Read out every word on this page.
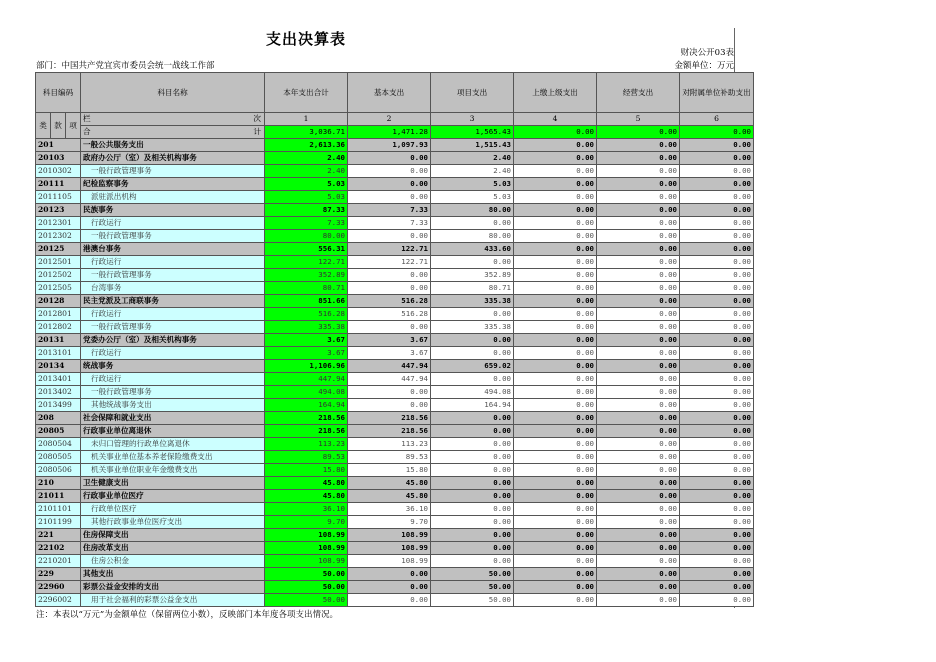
支出决算表
财决公开03表
金额单位：万元
部门：中国共产党宜宾市委员会统一战线工作部
科目编码			科目名称	本年支出合计	基本支出	项目支出	上缴上级支出	经营支出	对附属单位补助支出
类	款	项	栏 次	1	2	3	4	5	6
			合 计	3,036.71	1,471.28	1,565.43	0.00	0.00	0.00
201			一般公共服务支出	2,613.36	1,097.93	1,515.43	0.00	0.00	0.00
20103			政府办公厅（室）及相关机构事务	2.40	0.00	2.40	0.00	0.00	0.00
2010302			一般行政管理事务	2.40	0.00	2.40	0.00	0.00	0.00
20111			纪检监察事务	5.03	0.00	5.03	0.00	0.00	0.00
2011105			派驻派出机构	5.03	0.00	5.03	0.00	0.00	0.00
20123			民族事务	87.33	7.33	80.00	0.00	0.00	0.00
2012301			行政运行	7.33	7.33	0.00	0.00	0.00	0.00
2012302			一般行政管理事务	80.00	0.00	80.00	0.00	0.00	0.00
20125			港澳台事务	556.31	122.71	433.60	0.00	0.00	0.00
2012501			行政运行	122.71	122.71	0.00	0.00	0.00	0.00
2012502			一般行政管理事务	352.89	0.00	352.89	0.00	0.00	0.00
2012505			台湾事务	80.71	0.00	80.71	0.00	0.00	0.00
20128			民主党派及工商联事务	851.66	516.28	335.38	0.00	0.00	0.00
2012801			行政运行	516.28	516.28	0.00	0.00	0.00	0.00
2012802			一般行政管理事务	335.38	0.00	335.38	0.00	0.00	0.00
20131			党委办公厅（室）及相关机构事务	3.67	3.67	0.00	0.00	0.00	0.00
2013101			行政运行	3.67	3.67	0.00	0.00	0.00	0.00
20134			统战事务	1,106.96	447.94	659.02	0.00	0.00	0.00
2013401			行政运行	447.94	447.94	0.00	0.00	0.00	0.00
2013402			一般行政管理事务	494.08	0.00	494.08	0.00	0.00	0.00
2013499			其他统战事务支出	164.94	0.00	164.94	0.00	0.00	0.00
208			社会保障和就业支出	218.56	218.56	0.00	0.00	0.00	0.00
20805			行政事业单位离退休	218.56	218.56	0.00	0.00	0.00	0.00
2080504			未归口管理的行政单位离退休	113.23	113.23	0.00	0.00	0.00	0.00
2080505			机关事业单位基本养老保险缴费支出	89.53	89.53	0.00	0.00	0.00	0.00
2080506			机关事业单位职业年金缴费支出	15.80	15.80	0.00	0.00	0.00	0.00
210			卫生健康支出	45.80	45.80	0.00	0.00	0.00	0.00
21011			行政事业单位医疗	45.80	45.80	0.00	0.00	0.00	0.00
2101101			行政单位医疗	36.10	36.10	0.00	0.00	0.00	0.00
2101199			其他行政事业单位医疗支出	9.70	9.70	0.00	0.00	0.00	0.00
221			住房保障支出	108.99	108.99	0.00	0.00	0.00	0.00
22102			住房改革支出	108.99	108.99	0.00	0.00	0.00	0.00
2210201			住房公积金	108.99	108.99	0.00	0.00	0.00	0.00
229			其他支出	50.00	0.00	50.00	0.00	0.00	0.00
22960			彩票公益金安排的支出	50.00	0.00	50.00	0.00	0.00	0.00
2296002			用于社会福利的彩票公益金支出	50.00	0.00	50.00	0.00	0.00	0.00
注：本表以“万元”为金额单位（保留两位小数），反映部门本年度各项支出情况。
